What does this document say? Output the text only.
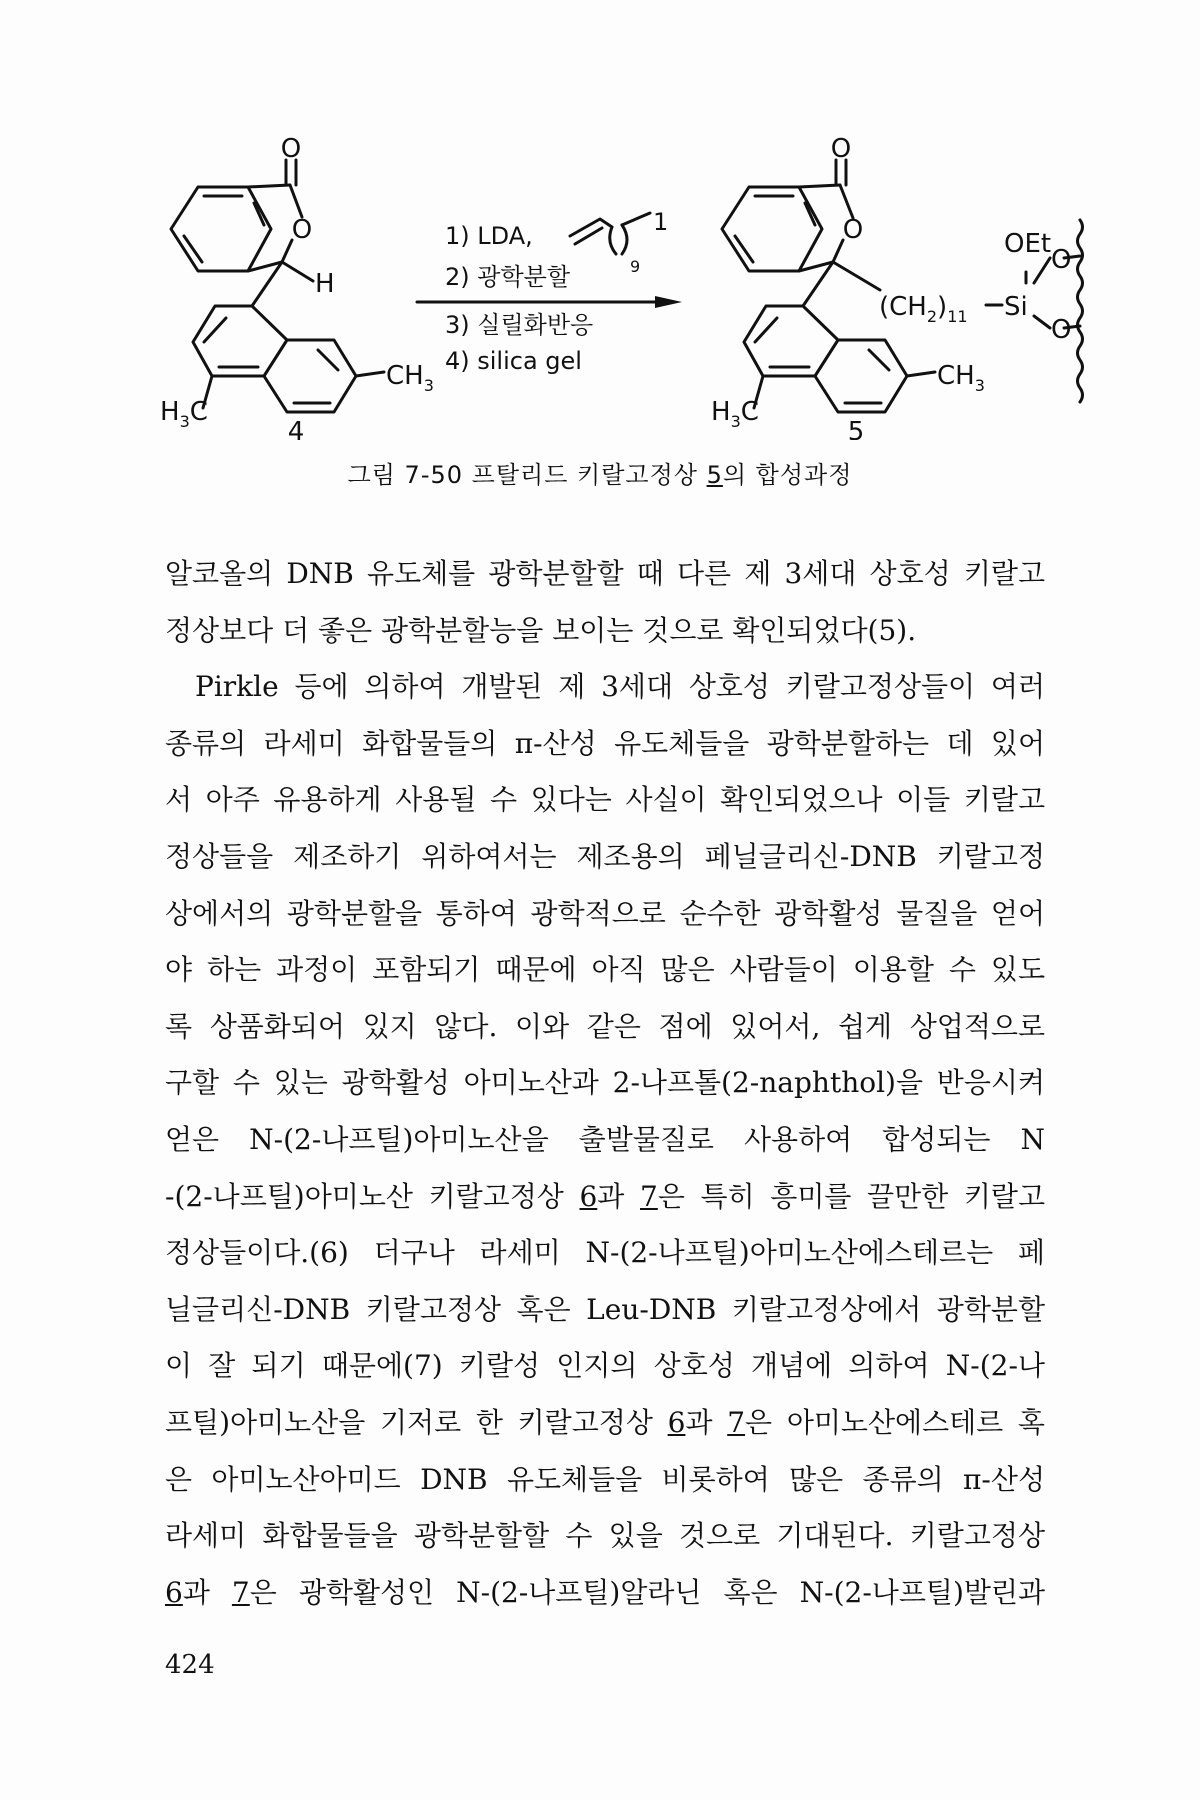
O
O
H
$CH_3$
$H_3C$
4
1) LDA,
9
1
2) 광학분할
3) 실릴화반응
4) silica gel
O
O
$(CH_2)_{11}$ Si
OEt
O
O
$CH_3$
$H_3C$
5
그림 7-50 프탈리드 키랄고정상 5의 합성과정
알코올의 DNB 유도체를 광학분할할 때 다른 제 3세대 상호성 키랄고
정상보다 더 좋은 광학분할능을 보이는 것으로 확인되었다(5).
Pirkle 등에 의하여 개발된 제 3세대 상호성 키랄고정상들이 여러
종류의 라세미 화합물들의 π-산성 유도체들을 광학분할하는 데 있어
서 아주 유용하게 사용될 수 있다는 사실이 확인되었으나 이들 키랄고
정상들을 제조하기 위하여서는 제조용의 페닐글리신-DNB 키랄고정
상에서의 광학분할을 통하여 광학적으로 순수한 광학활성 물질을 얻어
야 하는 과정이 포함되기 때문에 아직 많은 사람들이 이용할 수 있도
록 상품화되어 있지 않다. 이와 같은 점에 있어서, 쉽게 상업적으로
구할 수 있는 광학활성 아미노산과 2-나프톨(2-naphthol)을 반응시켜
얻은 N-(2-나프틸)아미노산을 출발물질로 사용하여 합성되는 N
-(2-나프틸)아미노산 키랄고정상 6과 7은 특히 흥미를 끌만한 키랄고
정상들이다.(6) 더구나 라세미 N-(2-나프틸)아미노산에스테르는 페
닐글리신-DNB 키랄고정상 혹은 Leu-DNB 키랄고정상에서 광학분할
이 잘 되기 때문에(7) 키랄성 인지의 상호성 개념에 의하여 N-(2-나
프틸)아미노산을 기저로 한 키랄고정상 6과 7은 아미노산에스테르 혹
은 아미노산아미드 DNB 유도체들을 비롯하여 많은 종류의 π-산성
라세미 화합물들을 광학분할할 수 있을 것으로 기대된다. 키랄고정상
6과 7은 광학활성인 N-(2-나프틸)알라닌 혹은 N-(2-나프틸)발린과
424
